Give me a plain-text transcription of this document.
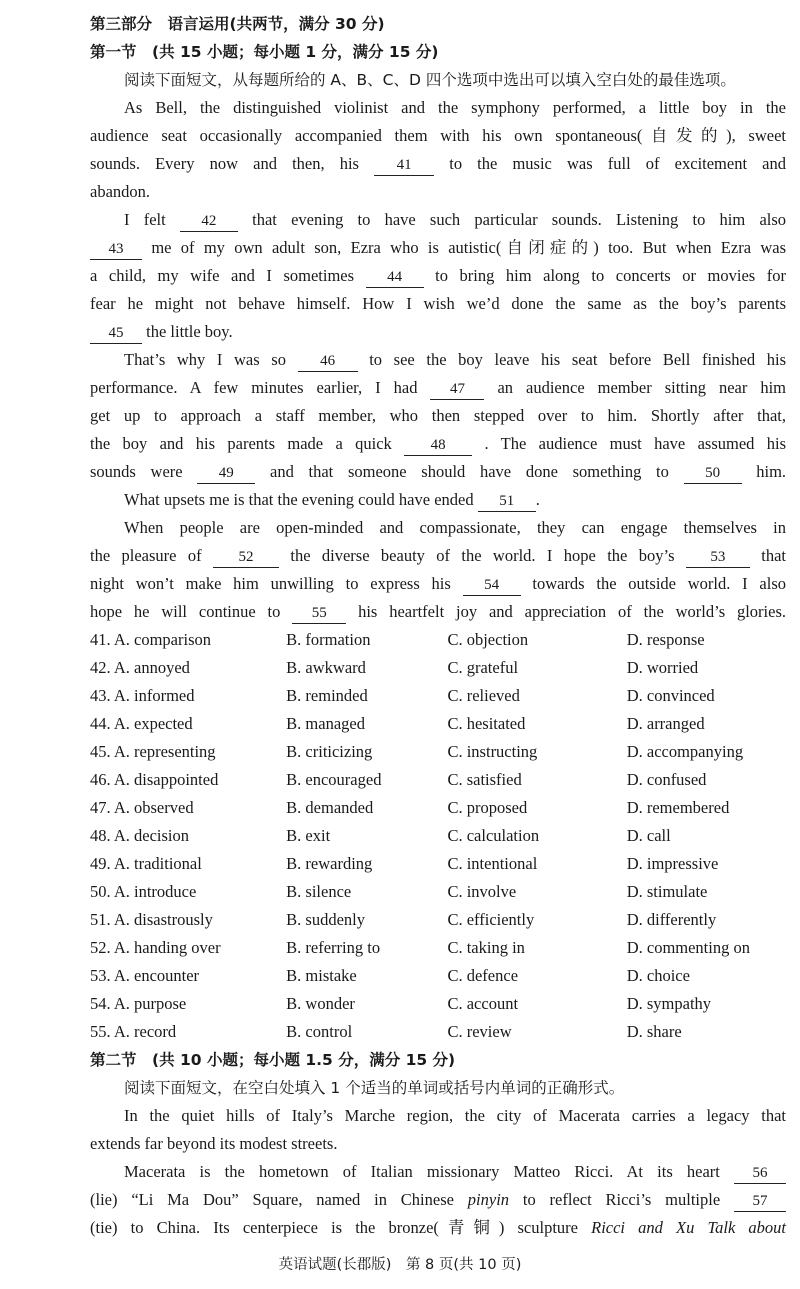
第三部分　语言运用(共两节，满分 30 分)
第一节　(共 15 小题；每小题 1 分，满分 15 分)
阅读下面短文，从每题所给的 A、B、C、D 四个选项中选出可以填入空白处的最佳选项。
As Bell, the distinguished violinist and the symphony performed, a little boy in the
audience seat occasionally accompanied them with his own spontaneous(自发的), sweet
sounds. Every now and then, his	41 to the music was full of excitement and
abandon.
I felt 42 that evening to have such particular sounds. Listening to him also
43 me of my own adult son, Ezra who is autistic(自闭症的) too. But when Ezra was
a child, my wife and I sometimes 44 to bring him along to concerts or movies for
fear he might not behave himself. How I wish we’d done the same as the boy’s parents
45 the little boy.
That’s why I was so 46 to see the boy leave his seat before Bell finished his
performance. A few minutes earlier, I had 47 an audience member sitting near him
get up to approach a staff member, who then stepped over to him. Shortly after that,
the boy and his parents made a quick	48 . The audience must have assumed his
sounds were 49 and that someone should have done something to 50 him.
What upsets me is that the evening could have ended 51 .
When people are open-minded and compassionate, they can engage themselves in
the pleasure of 52 the diverse beauty of the world. I hope the boy’s 53 that
night won’t make him unwilling to express his 54 towards the outside world. I also
hope he will continue to 55 his heartfelt joy and appreciation of the world’s glories.
41. A. comparison	B. formation	C. objection	D. response
42. A. annoyed	B. awkward	C. grateful	D. worried
43. A. informed	B. reminded	C. relieved	D. convinced
44. A. expected	B. managed	C. hesitated	D. arranged
45. A. representing	B. criticizing	C. instructing	D. accompanying
46. A. disappointed	B. encouraged	C. satisfied	D. confused
47. A. observed	B. demanded	C. proposed	D. remembered
48. A. decision	B. exit	C. calculation	D. call
49. A. traditional	B. rewarding	C. intentional	D. impressive
50. A. introduce	B. silence	C. involve	D. stimulate
51. A. disastrously	B. suddenly	C. efficiently	D. differently
52. A. handing over	B. referring to	C. taking in	D. commenting on
53. A. encounter	B. mistake	C. defence	D. choice
54. A. purpose	B. wonder	C. account	D. sympathy
55. A. record	B. control	C. review	D. share
第二节　(共 10 小题；每小题 1.5 分，满分 15 分)
阅读下面短文，在空白处填入 1 个适当的单词或括号内单词的正确形式。
In the quiet hills of Italy’s Marche region, the city of Macerata carries a legacy that
extends far beyond its modest streets.
Macerata is the hometown of Italian missionary Matteo Ricci. At its heart 56
(lie) “Li Ma Dou” Square, named in Chinese pinyin to reflect Ricci’s multiple 57
(tie) to China. Its centerpiece is the bronze(青铜) sculpture Ricci and Xu Talk about
英语试题(长郡版)　第 8 页(共 10 页)
